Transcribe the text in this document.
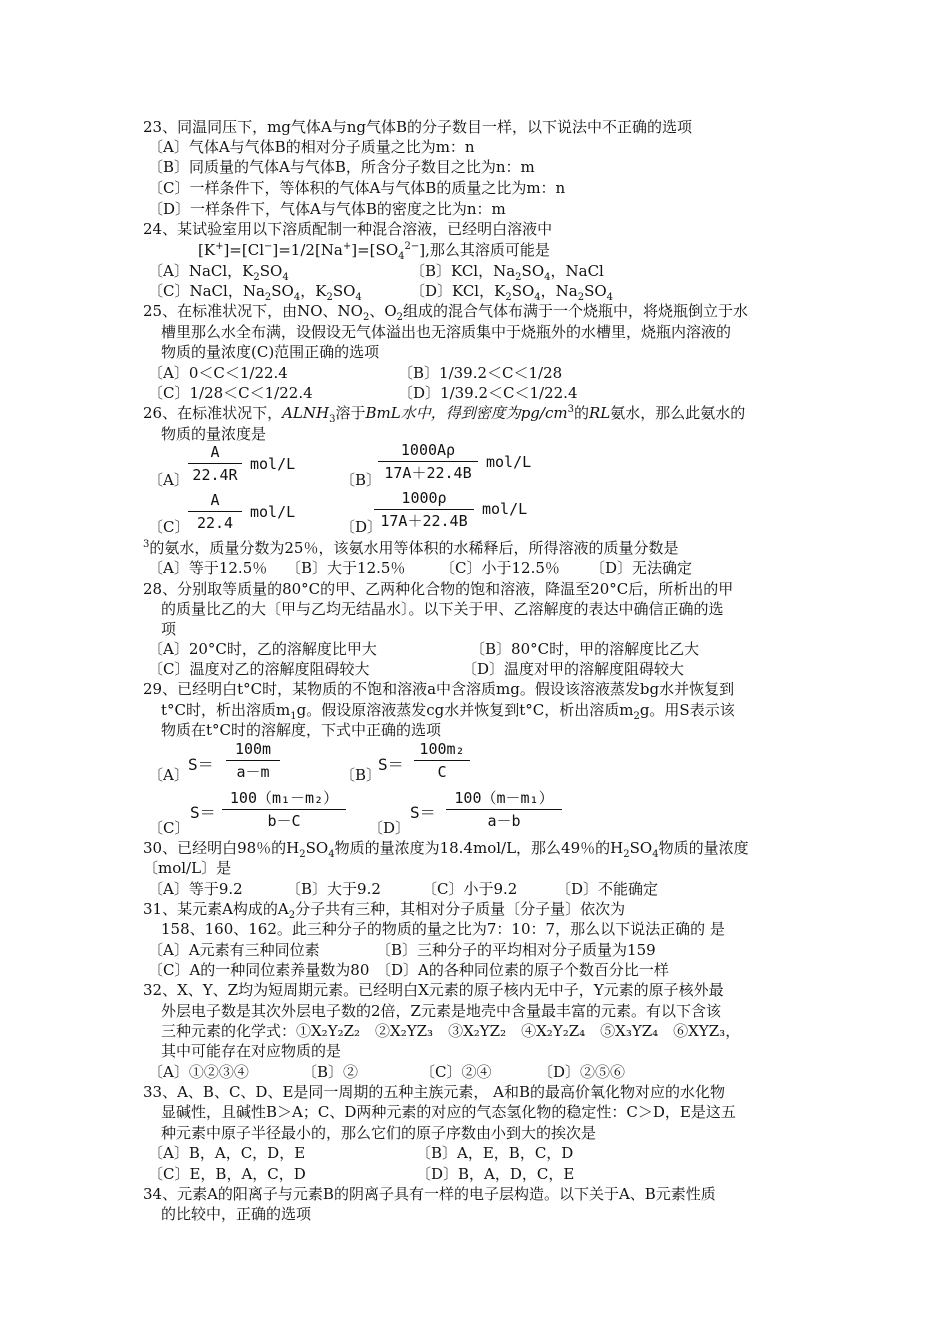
23、同温同压下，mg气体A与ng气体B的分子数目一样，以下说法中不正确的选项
〔A〕气体A与气体B的相对分子质量之比为m：n
〔B〕同质量的气体A与气体B，所含分子数目之比为n：m
〔C〕一样条件下，等体积的气体A与气体B的质量之比为m：n
〔D〕一样条件下，气体A与气体B的密度之比为n：m
24、某试验室用以下溶质配制一种混合溶液，已经明白溶液中
$[K^+]=[Cl^-]=1/2[Na^+]=[SO_4^{2-}]$,那么其溶质可能是
〔A〕NaCl，$K_2SO_4$	〔B〕KCl，$Na_2SO_4$，NaCl
〔C〕NaCl，$Na_2SO_4$，$K_2SO_4$	〔D〕KCl，$K_2SO_4$，$Na_2SO_4$
25、在标准状况下，由NO、$NO_2$、$O_2$组成的混合气体布满于一个烧瓶中，将烧瓶倒立于水
槽里那么水全布满，设假设无气体溢出也无溶质集中于烧瓶外的水槽里，烧瓶内溶液的
物质的量浓度(C)范围正确的选项
〔A〕0＜C＜1/22.4	〔B〕1/39.2＜C＜1/28
〔C〕1/28＜C＜1/22.4	〔D〕1/39.2＜C＜1/22.4
26、在标准状况下，$ALNH_3$溶于BmL水中，得到密度为$pg/cm^3$的RL氨水，那么此氨水的
物质的量浓度是
〔A〕
A
22.4R
mol/L
〔B〕
1000Aρ
17A＋22.4B
mol/L
〔C〕
A
22.4
mol/L
〔D〕
1000ρ
17A＋22.4B
mol/L
$^3$的氨水，质量分数为25％，该氨水用等体积的水稀释后，所得溶液的质量分数是
〔A〕等于12.5％ 〔B〕大于12.5％ 〔C〕小于12.5％ 〔D〕无法确定
28、分别取等质量的80°C的甲、乙两种化合物的饱和溶液，降温至20°C后，所析出的甲
的质量比乙的大〔甲与乙均无结晶水〕。以下关于甲、乙溶解度的表达中确信正确的选
项
〔A〕20°C时，乙的溶解度比甲大	〔B〕80°C时，甲的溶解度比乙大
〔C〕温度对乙的溶解度阻碍较大	〔D〕温度对甲的溶解度阻碍较大
29、已经明白t°C时，某物质的不饱和溶液a中含溶质mg。假设该溶液蒸发bg水并恢复到
t°C时，析出溶质$m_1g$。假设原溶液蒸发cg水并恢复到t°C，析出溶质$m_2g$。用S表示该
物质在t°C时的溶解度，下式中正确的选项
〔A〕
S＝
100m
a－m	〔B〕
S＝
100m₂
C
〔C〕
S＝
100（m₁－m₂）
b－C	〔D〕
S＝
100（m－m₁）
a－b
30、已经明白98％的$H_2SO_4$物质的量浓度为18.4mol/L，那么49％的$H_2SO_4$物质的量浓度
〔mol/L〕是
〔A〕等于9.2	〔B〕大于9.2	〔C〕小于9.2	〔D〕不能确定
31、某元素A构成的$A_2$分子共有三种，其相对分子质量〔分子量〕依次为
158、160、162。此三种分子的物质的量之比为7：10：7，那么以下说法正确的 是
〔A〕A元素有三种同位素	〔B〕三种分子的平均相对分子质量为159
〔C〕A的一种同位素养量数为80 〔D〕A的各种同位素的原子个数百分比一样
32、X、Y、Z均为短周期元素。已经明白X元素的原子核内无中子，Y元素的原子核外最
外层电子数是其次外层电子数的2倍，Z元素是地壳中含量最丰富的元素。有以下含该
三种元素的化学式：①X₂Y₂Z₂　②X₂YZ₃　③X₂YZ₂　④X₂Y₂Z₄　⑤X₃YZ₄　⑥XYZ₃，
其中可能存在对应物质的是
〔A〕①②③④	〔B〕②	〔C〕②④	〔D〕②⑤⑥
33、A、B、C、D、E是同一周期的五种主族元素， A和B的最高价氧化物对应的水化物
显碱性，且碱性B＞A；C、D两种元素的对应的气态氢化物的稳定性：C＞D，E是这五
种元素中原子半径最小的，那么它们的原子序数由小到大的挨次是
〔A〕B，A，C，D，E	〔B〕A，E，B，C，D
〔C〕E，B，A，C，D	〔D〕B，A，D，C，E
34、元素A的阳离子与元素B的阴离子具有一样的电子层构造。以下关于A、B元素性质
的比较中，正确的选项
